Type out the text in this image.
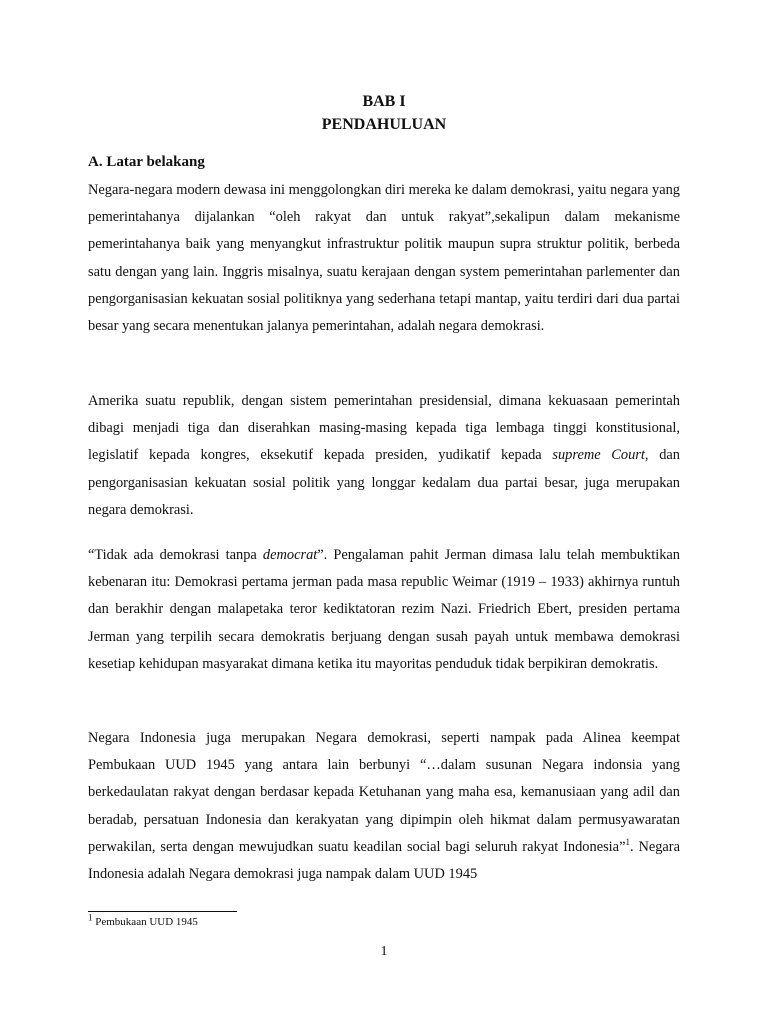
BAB I
PENDAHULUAN
A. Latar belakang

Negara-negara modern dewasa ini menggolongkan diri mereka ke dalam demokrasi, yaitu negara yang pemerintahanya dijalankan “oleh rakyat dan untuk rakyat”,sekalipun dalam mekanisme pemerintahanya baik yang menyangkut infrastruktur politik maupun supra struktur politik, berbeda satu dengan yang lain. Inggris misalnya, suatu kerajaan dengan system pemerintahan parlementer dan pengorganisasian kekuatan sosial politiknya yang sederhana tetapi mantap, yaitu terdiri dari dua partai besar yang secara menentukan jalanya pemerintahan, adalah negara demokrasi.

Amerika suatu republik, dengan sistem pemerintahan presidensial, dimana kekuasaan pemerintah dibagi menjadi tiga dan diserahkan masing-masing kepada tiga lembaga tinggi konstitusional, legislatif kepada kongres, eksekutif kepada presiden, yudikatif kepada supreme Court, dan pengorganisasian kekuatan sosial politik yang longgar kedalam dua partai besar, juga merupakan negara demokrasi.

“Tidak ada demokrasi tanpa democrat”. Pengalaman pahit Jerman dimasa lalu telah membuktikan kebenaran itu: Demokrasi pertama jerman pada masa republic Weimar (1919 – 1933) akhirnya runtuh dan berakhir dengan malapetaka teror kediktatoran rezim Nazi. Friedrich Ebert, presiden pertama Jerman yang terpilih secara demokratis berjuang dengan susah payah untuk membawa demokrasi kesetiap kehidupan masyarakat dimana ketika itu mayoritas penduduk tidak berpikiran demokratis.

Negara Indonesia juga merupakan Negara demokrasi, seperti nampak pada Alinea keempat Pembukaan UUD 1945 yang antara lain berbunyi “…dalam susunan Negara indonsia yang berkedaulatan rakyat dengan berdasar kepada Ketuhanan yang maha esa, kemanusiaan yang adil dan beradab, persatuan Indonesia dan kerakyatan yang dipimpin oleh hikmat dalam permusyawaratan perwakilan, serta dengan mewujudkan suatu keadilan social bagi seluruh rakyat Indonesia”$^1$. Negara Indonesia adalah Negara demokrasi juga nampak dalam UUD 1945

$^1$ Pembukaan UUD 1945
1
